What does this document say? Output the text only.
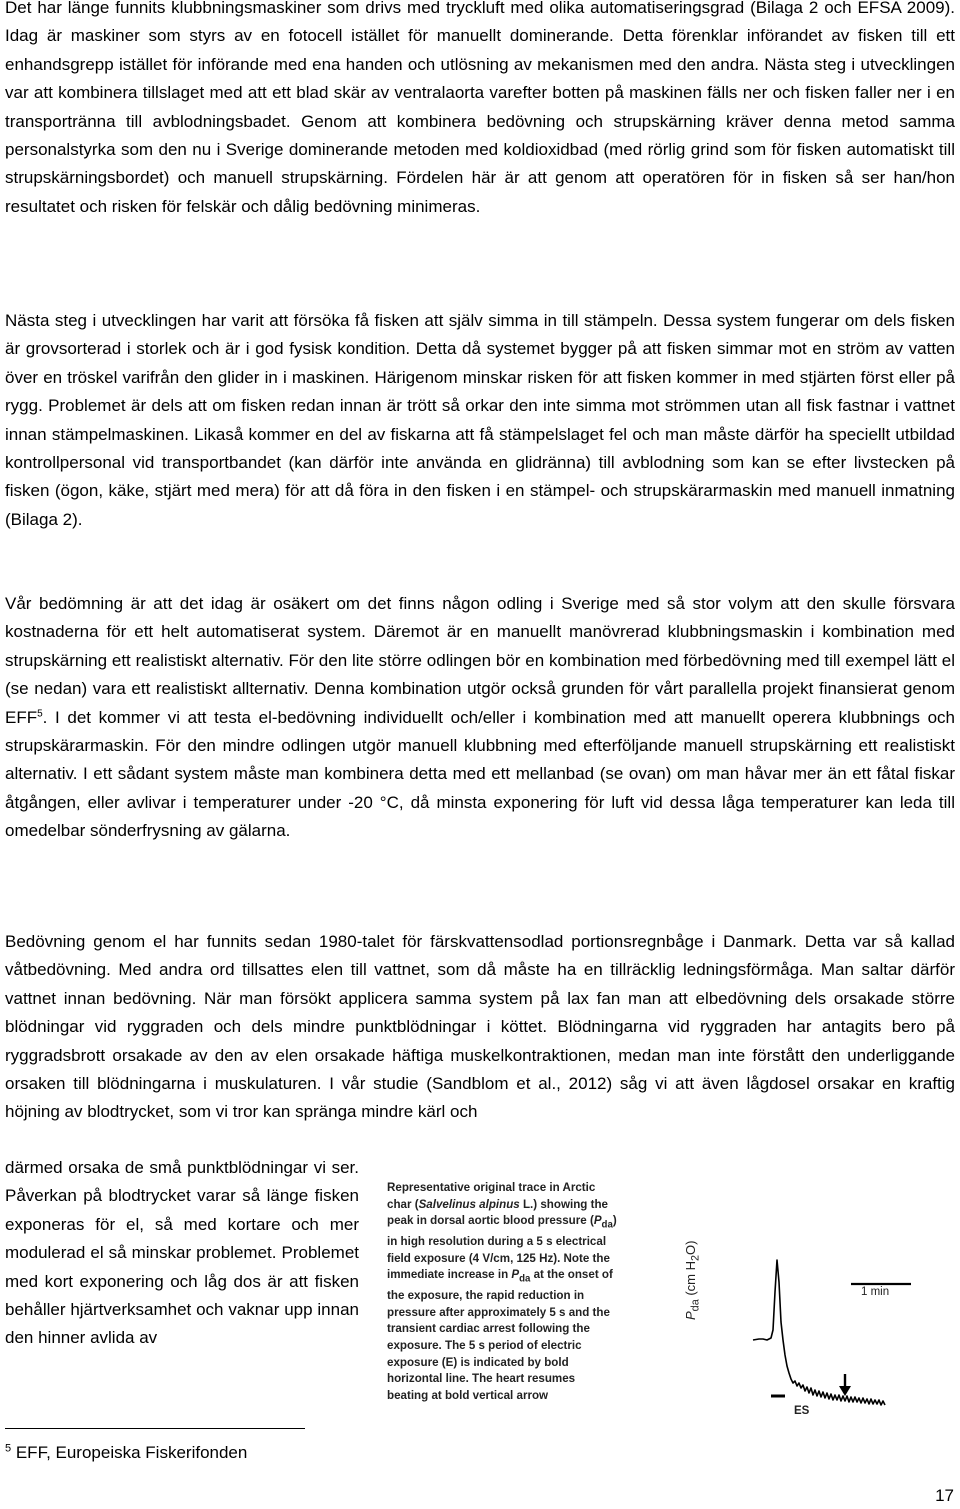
Det har länge funnits klubbningsmaskiner som drivs med tryckluft med olika automatiseringsgrad (Bilaga 2 och EFSA 2009). Idag är maskiner som styrs av en fotocell istället för manuellt dominerande. Detta förenklar införandet av fisken till ett enhandsgrepp istället för införande med ena handen och utlösning av mekanismen med den andra. Nästa steg i utvecklingen var att kombinera tillslaget med att ett blad skär av ventralaorta varefter botten på maskinen fälls ner och fisken faller ner i en transportränna till avblodningsbadet. Genom att kombinera bedövning och strupskärning kräver denna metod samma personalstyrka som den nu i Sverige dominerande metoden med koldioxidbad (med rörlig grind som för fisken automatiskt till strupskärningsbordet) och manuell strupskärning. Fördelen här är att genom att operatören för in fisken så ser han/hon resultatet och risken för felskär och dålig bedövning minimeras.

Nästa steg i utvecklingen har varit att försöka få fisken att själv simma in till stämpeln. Dessa system fungerar om dels fisken är grovsorterad i storlek och är i god fysisk kondition. Detta då systemet bygger på att fisken simmar mot en ström av vatten över en tröskel varifrån den glider in i maskinen. Härigenom minskar risken för att fisken kommer in med stjärten först eller på rygg. Problemet är dels att om fisken redan innan är trött så orkar den inte simma mot strömmen utan all fisk fastnar i vattnet innan stämpelmaskinen. Likaså kommer en del av fiskarna att få stämpelslaget fel och man måste därför ha speciellt utbildad kontrollpersonal vid transportbandet (kan därför inte använda en glidränna) till avblodning som kan se efter livstecken på fisken (ögon, käke, stjärt med mera) för att då föra in den fisken i en stämpel- och strupskärarmaskin med manuell inmatning (Bilaga 2).

Vår bedömning är att det idag är osäkert om det finns någon odling i Sverige med så stor volym att den skulle försvara kostnaderna för ett helt automatiserat system. Däremot är en manuellt manövrerad klubbningsmaskin i kombination med strupskärning ett realistiskt alternativ. För den lite större odlingen bör en kombination med förbedövning med till exempel lätt el (se nedan) vara ett realistiskt allternativ. Denna kombination utgör också grunden för vårt parallella projekt finansierat genom EFF$^5$. I det kommer vi att testa el-bedövning individuellt och/eller i kombination med att manuellt operera klubbnings och strupskärarmaskin. För den mindre odlingen utgör manuell klubbning med efterföljande manuell strupskärning ett realistiskt alternativ. I ett sådant system måste man kombinera detta med ett mellanbad (se ovan) om man håvar mer än ett fåtal fiskar åtgången, eller avlivar i temperaturer under -20 °C, då minsta exponering för luft vid dessa låga temperaturer kan leda till omedelbar sönderfrysning av gälarna.

Bedövning genom el har funnits sedan 1980-talet för färskvattensodlad portionsregnbåge i Danmark. Detta var så kallad våtbedövning. Med andra ord tillsattes elen till vattnet, som då måste ha en tillräcklig ledningsförmåga. Man saltar därför vattnet innan bedövning. När man försökt applicera samma system på lax fan man att elbedövning dels orsakade större blödningar vid ryggraden och dels mindre punktblödningar i köttet. Blödningarna vid ryggraden har antagits bero på ryggradsbrott orsakade av den av elen orsakade häftiga muskelkontraktionen, medan man inte förstått den underliggande orsaken till blödningarna i muskulaturen. I vår studie (Sandblom et al., 2012) såg vi att även lågdosel orsakar en kraftig höjning av blodtrycket, som vi tror kan spränga mindre kärl och

därmed orsaka de små punktblödningar vi ser. Påverkan på blodtrycket varar så länge fisken exponeras för el, så med kortare och mer modulerad el så minskar problemet. Problemet med kort exponering och låg dos är att fisken behåller hjärtverksamhet och vaknar upp innan den hinner avlida av

Representative original trace in Arctic char (Salvelinus alpinus L.) showing the peak in dorsal aortic blood pressure $(P_{da})$ in high resolution during a 5 s electrical field exposure (4 V/cm, 125 Hz). Note the immediate increase in $P_{da}$ at the onset of the exposure, the rapid reduction in pressure after approximately 5 s and the transient cardiac arrest following the exposure. The 5 s period of electric exposure (E) is indicated by bold horizontal line. The heart resumes beating at bold vertical arrow

$P_{da}$ (cm $H_2O$)
1 min
ES

$^5$ EFF, Europeiska Fiskerifonden

17
